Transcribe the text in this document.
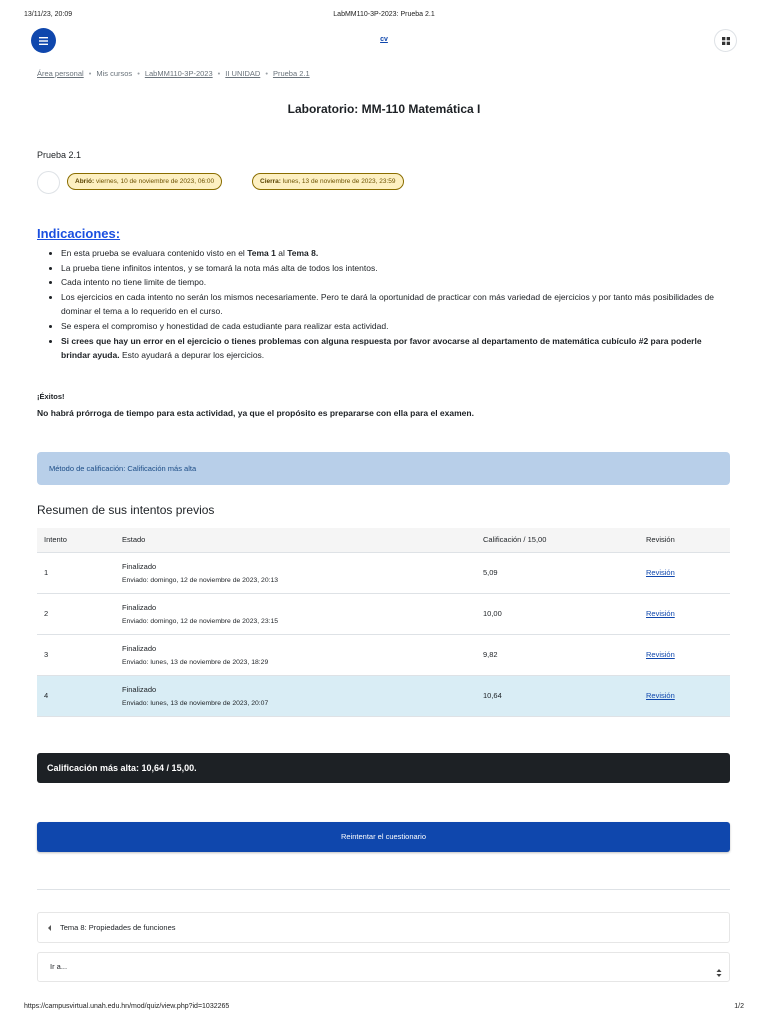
13/11/23, 20:09	LabMM110-3P-2023: Prueba 2.1
cv
Área personal • Mis cursos • LabMM110-3P-2023 • II UNIDAD • Prueba 2.1
Laboratorio: MM-110 Matemática I
Prueba 2.1
Abrió: viernes, 10 de noviembre de 2023, 06:00	Cierra: lunes, 13 de noviembre de 2023, 23:59
Indicaciones:
En esta prueba se evaluara contenido visto en el Tema 1 al Tema 8.
La prueba tiene infinitos intentos, y se tomará la nota más alta de todos los intentos.
Cada intento no tiene limite de tiempo.
Los ejercicios en cada intento no serán los mismos necesariamente. Pero te dará la oportunidad de practicar con más variedad de ejercicios y por tanto más posibilidades de dominar el tema a lo requerido en el curso.
Se espera el compromiso y honestidad de cada estudiante para realizar esta actividad.
Si crees que hay un error en el ejercicio o tienes problemas con alguna respuesta por favor avocarse al departamento de matemática cubículo #2 para poderle brindar ayuda. Esto ayudará a depurar los ejercicios.
¡Éxitos!
No habrá prórroga de tiempo para esta actividad, ya que el propósito es prepararse con ella para el examen.
Método de calificación: Calificación más alta
Resumen de sus intentos previos
Intento	Estado	Calificación / 15,00	Revisión
1	Finalizado
Enviado: domingo, 12 de noviembre de 2023, 20:13	5,09	Revisión
2	Finalizado
Enviado: domingo, 12 de noviembre de 2023, 23:15	10,00	Revisión
3	Finalizado
Enviado: lunes, 13 de noviembre de 2023, 18:29	9,82	Revisión
4	Finalizado
Enviado: lunes, 13 de noviembre de 2023, 20:07	10,64	Revisión
Calificación más alta: 10,64 / 15,00.
Reintentar el cuestionario
Tema 8: Propiedades de funciones
Ir a...
https://campusvirtual.unah.edu.hn/mod/quiz/view.php?id=1032265	1/2
